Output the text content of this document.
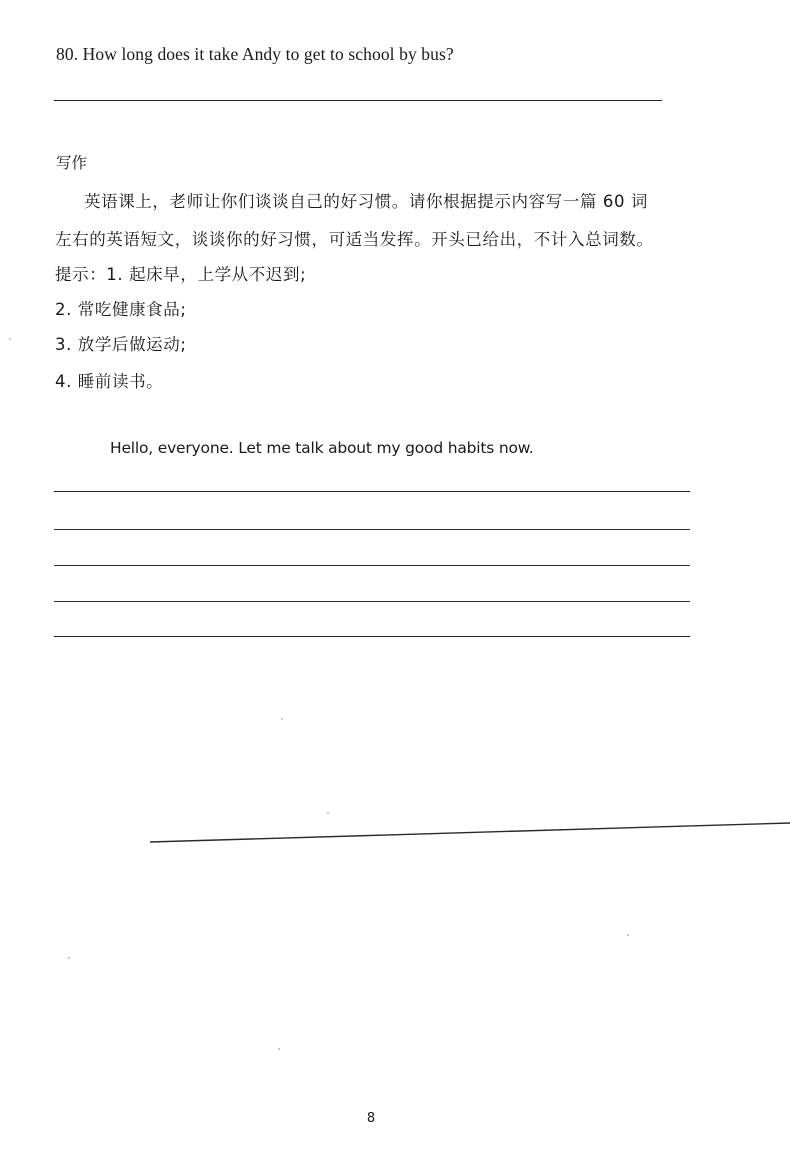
80. How long does it take Andy to get to school by bus?
写作
英语课上，老师让你们谈谈自己的好习惯。请你根据提示内容写一篇 60 词
左右的英语短文，谈谈你的好习惯，可适当发挥。开头已给出，不计入总词数。
提示：1. 起床早，上学从不迟到;
2. 常吃健康食品;
3. 放学后做运动;
4. 睡前读书。
Hello, everyone. Let me talk about my good habits now.
8
